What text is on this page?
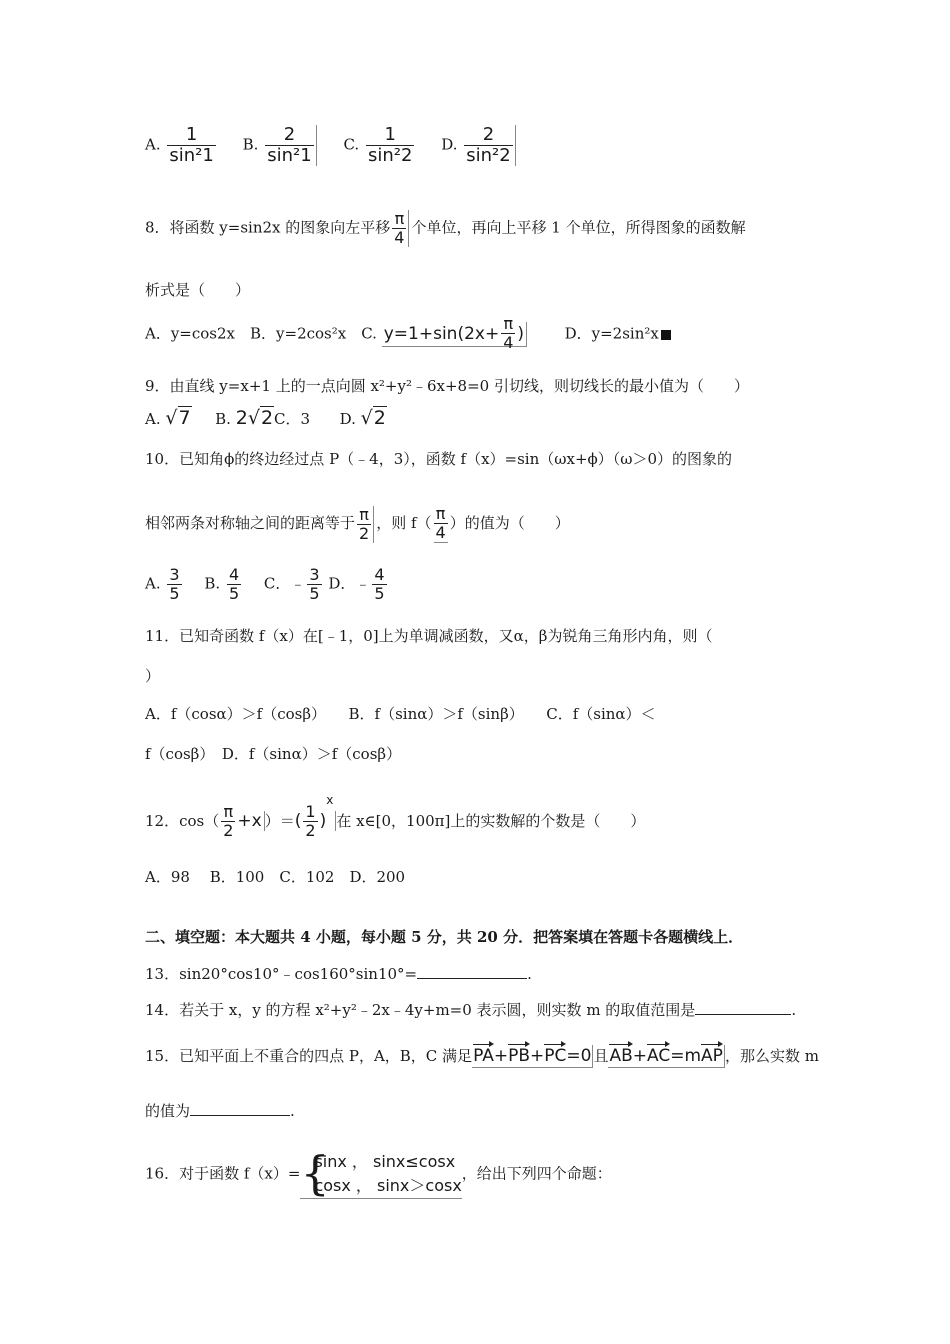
A. $\frac{1}{\text{sin²1}} B$. $\frac{2}{\text{sin²1}} C$. $\frac{1}{\text{sin²2}} D$. $\frac{2}{\text{sin²2}}$
8．将函数 y=sin2x 的图象向左平移 $\frac{\pi}{4}$ 个单位，再向上平移 1 个单位，所得图象的函数解
析式是（　　）
A．y=cos2x　B．y=2cos²x　C. $y=1+\sin(2x+ \frac{\pi}{4}$ )	D．y=2sin²x
9．由直线 y=x+1 上的一点向圆 x²+y²﹣6x+8=0 引切线，则切线长的最小值为（　　）
A. √7 B. 2√2C．3 D. √2
10．已知角ϕ的终边经过点 P（﹣4，3），函数 f（x）=sin（ωx+ϕ）（ω＞0）的图象的
相邻两条对称轴之间的距离等于 $\frac{\pi}{2}$ ，则 $f( \frac{\pi}{4}$ ）的值为（　　）
A. $\frac{3}{5} B$. $\frac{4}{5}$ C．﹣ $\frac{3}{5}$ D．﹣ $\frac{4}{5}$
11．已知奇函数 f（x）在[﹣1，0]上为单调减函数，又α，β为锐角三角形内角，则（
）
A．f（cosα）＞f（cosβ）　　B．f（sinα）＞f（sinβ）　　C．f（sinα）＜
f（cosβ）　D．f（sinα）＞f（cosβ）
12．$\cos( \frac{\pi}{2} +x$ ）＝( $\frac{1}{2} )^x$在 x∈[0，100π]上的实数解的个数是（　　）
A．98　 B．100　C．102　D．200
二、填空题：本大题共 4 小题，每小题 5 分，共 20 分．把答案填在答题卡各题横线上．
13．sin20°cos10°﹣cos160°sin10°=	.
14．若关于 x，y 的方程 x²+y²﹣2x﹣4y+m=0 表示圆，则实数 m 的取值范围是	.
15．已知平面上不重合的四点 P，A，B，C 满足PA+PB+PC=0 且AB+AC=mAP ，那么实数 m
的值为	.
16．对于函数 f（x）= {
sinx ， sinx≤cosx
cosx ， sinx＞cosx
，给出下列四个命题：
